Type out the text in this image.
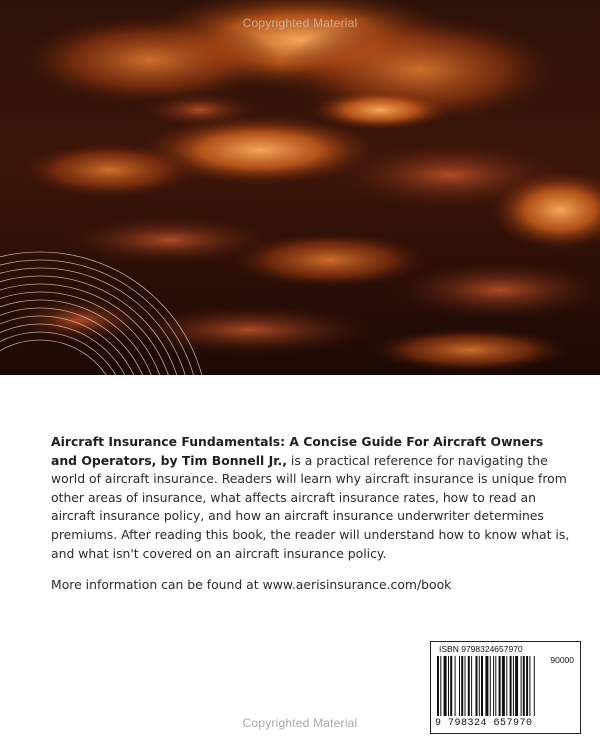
Copyrighted Material

Aircraft Insurance Fundamentals: A Concise Guide For Aircraft Owners and Operators, by Tim Bonnell Jr., is a practical reference for navigating the world of aircraft insurance. Readers will learn why aircraft insurance is unique from other areas of insurance, what affects aircraft insurance rates, how to read an aircraft insurance policy, and how an aircraft insurance underwriter determines premiums. After reading this book, the reader will understand how to know what is, and what isn't covered on an aircraft insurance policy.

More information can be found at www.aerisinsurance.com/book
ISBN 9798324657970
90000
9 798324 657970
Copyrighted Material
